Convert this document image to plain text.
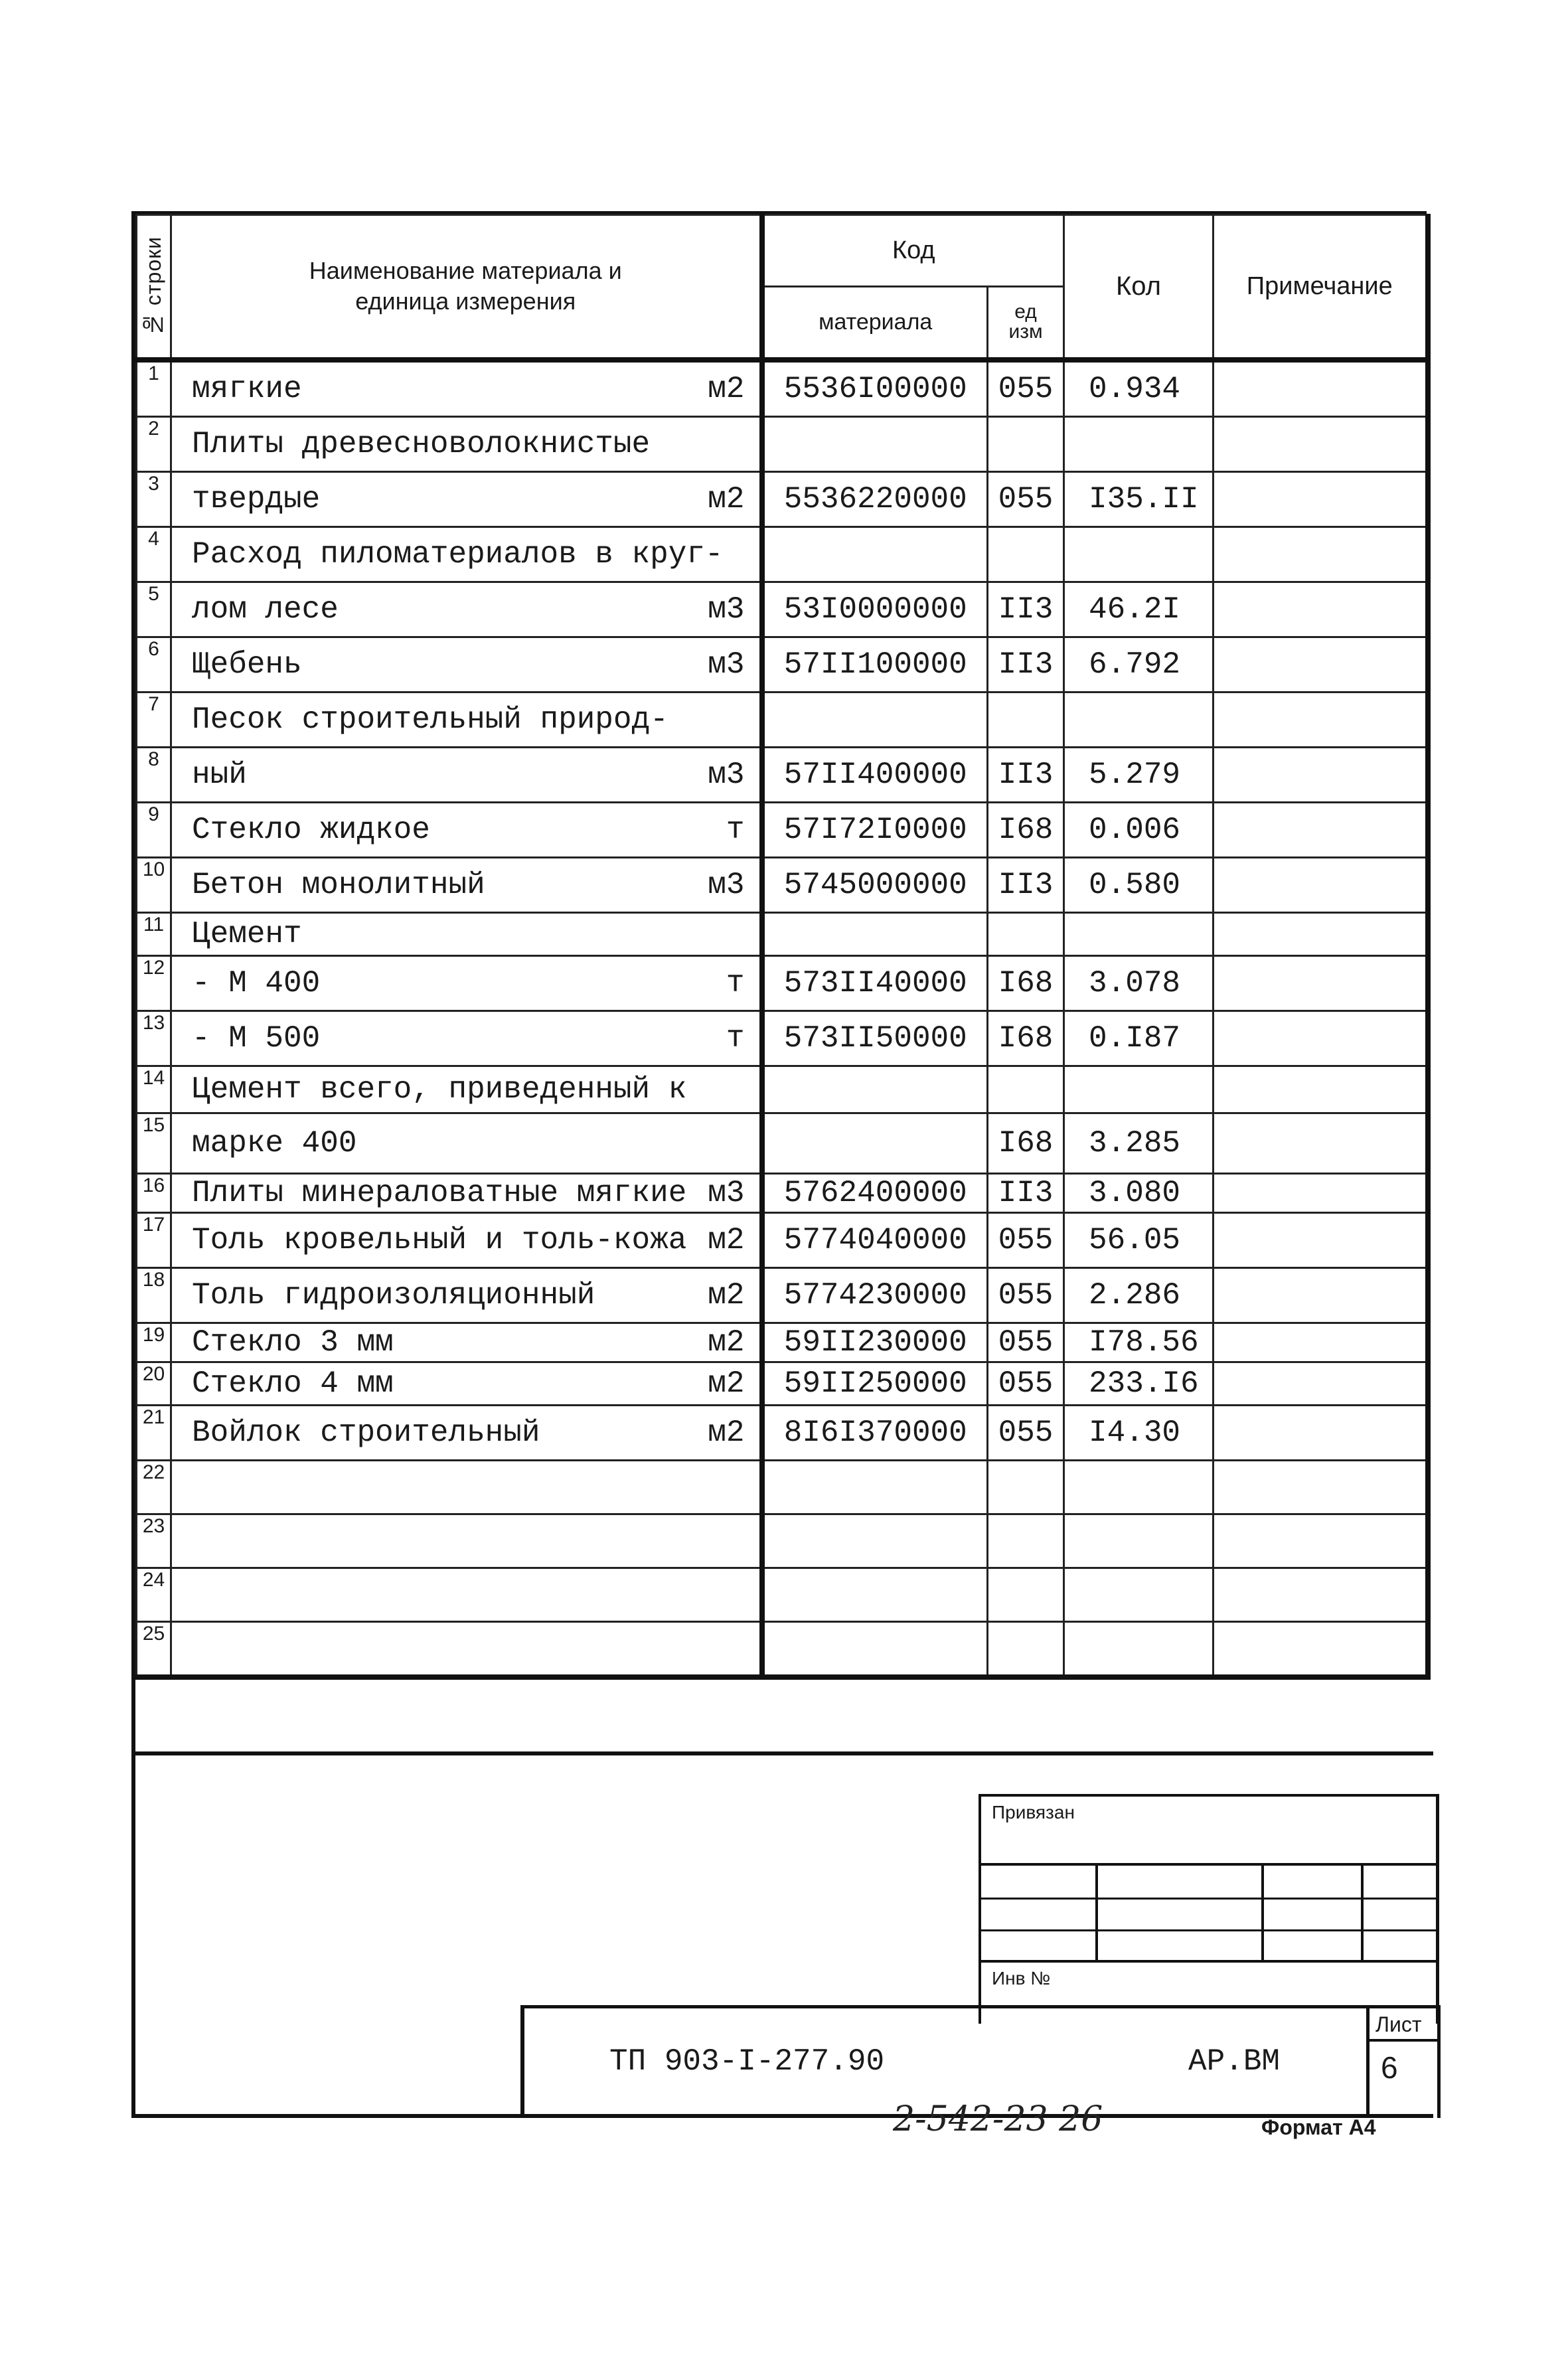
№ строки	Наименование материала и
единица измерения	Код		Кол	Примечание
		материала	ед
изм		
1	мягкие м2	5536I00000	055	0.934	
2	Плиты древесноволокнистые

3	твердые м2	5536220000	055	I35.II	
4	Расход пиломатериалов в круг-

5	лом лесе м3	53I0000000	II3	46.2I	
6	Щебень м3	57II100000	II3	6.792	
7	Песок строительный природ-

8	ный м3	57II400000	II3	5.279	
9	Стекло жидкое т	57I72I0000	I68	0.006	
10	Бетон монолитный м3	5745000000	II3	0.580	
11	Цемент

12	- М 400 т	573II40000	I68	3.078	
13	- М 500 т	573II50000	I68	0.I87	
14	Цемент всего, приведенный к

15	марке 400		I68	3.285	
16	Плиты минераловатные мягкие м3	5762400000	II3	3.080	
17	Толь кровельный и толь-кожа м2	5774040000	055	56.05	
18	Толь гидроизоляционный м2	5774230000	055	2.286	
19	Стекло 3 мм м2	59II230000	055	I78.56	
20	Стекло 4 мм м2	59II250000	055	233.I6	
21	Войлок строительный м2	8I6I370000	055	I4.30	
22	

23	

24	

25	

Привязан
Инв №
ТП 903-I-277.90	АР.ВМ
Лист
6
2-542-23 26	Формат А4
